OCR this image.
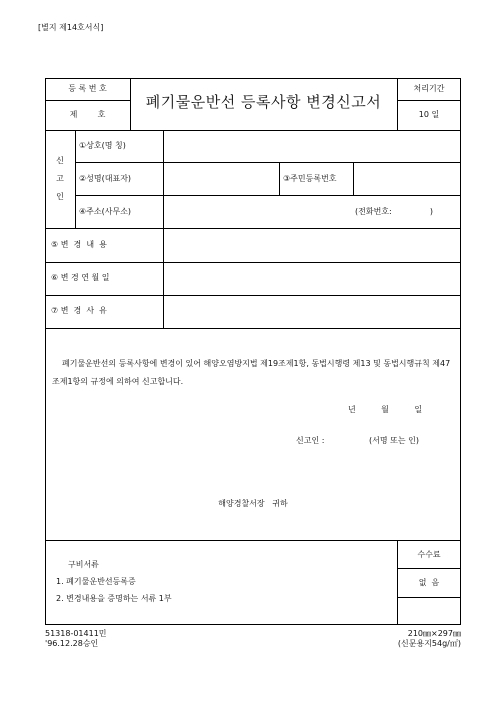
[별지 제14호서식]
등 록 번 호
제        호
폐기물운반선 등록사항 변경신고서
처리기간
10 일
신
고
인
①상호(명 칭)
②성명(대표자)	③주민등록번호
④주소(사무소)	(전화번호:               )
⑤ 변  경  내  용
⑥ 변 경 연 월 일
⑦ 변  경  사  유
폐기물운반선의 등록사항에 변경이 있어 해양오염방지법 제19조제1항, 동법시행령 제13 및 동법시행규칙 제47조제1항의 규정에 의하여 신고합니다.
년          월          일
신고인 :	(서명 또는 인)
해양경찰서장   귀하
구비서류
1. 폐기물운반선등록증
2. 변경내용을 증명하는 서류 1부
수수료
없  음
51318-01411민
'96.12.28승인
210㎜×297㎜
(신문용지54g/㎡)
